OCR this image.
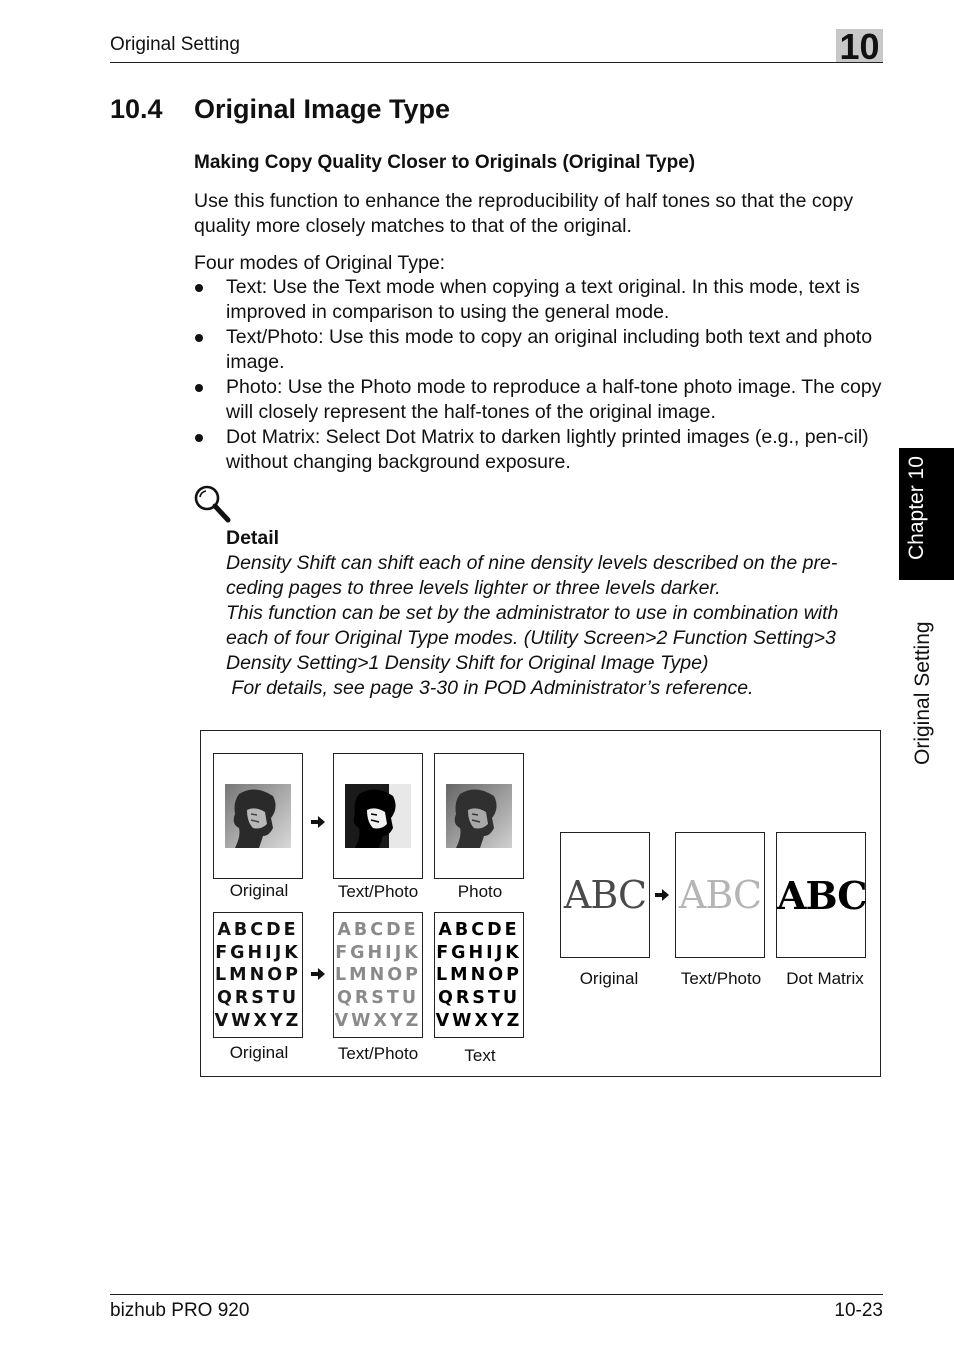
Original Setting	10
10.4 Original Image Type
Making Copy Quality Closer to Originals (Original Type)
Use this function to enhance the reproducibility of half tones so that the copy quality more closely matches to that of the original.
Four modes of Original Type:
Text: Use the Text mode when copying a text original. In this mode, text is improved in comparison to using the general mode.
Text/Photo: Use this mode to copy an original including both text and photo image.
Photo: Use the Photo mode to reproduce a half-tone photo image. The copy will closely represent the half-tones of the original image.
Dot Matrix: Select Dot Matrix to darken lightly printed images (e.g., pen-cil) without changing background exposure.
Detail
Density Shift can shift each of nine density levels described on the pre-
ceding pages to three levels lighter or three levels darker.
This function can be set by the administrator to use in combination with
each of four Original Type modes. (Utility Screen>2 Function Setting>3
Density Setting>1 Density Shift for Original Image Type)
For details, see page 3-30 in POD Administrator’s reference.
Original	Text/Photo	Photo
ABCDE
FGHIJK
LMNOP
QRSTU
VWXYZ
ABCDE
FGHIJK
LMNOP
QRSTU
VWXYZ
ABCDE
FGHIJK
LMNOP
QRSTU
VWXYZ
Original	Text/Photo	Text
ABC ABC ABC
Original	Text/Photo	Dot Matrix
Chapter 10
Original Setting
bizhub PRO 920	10-23
